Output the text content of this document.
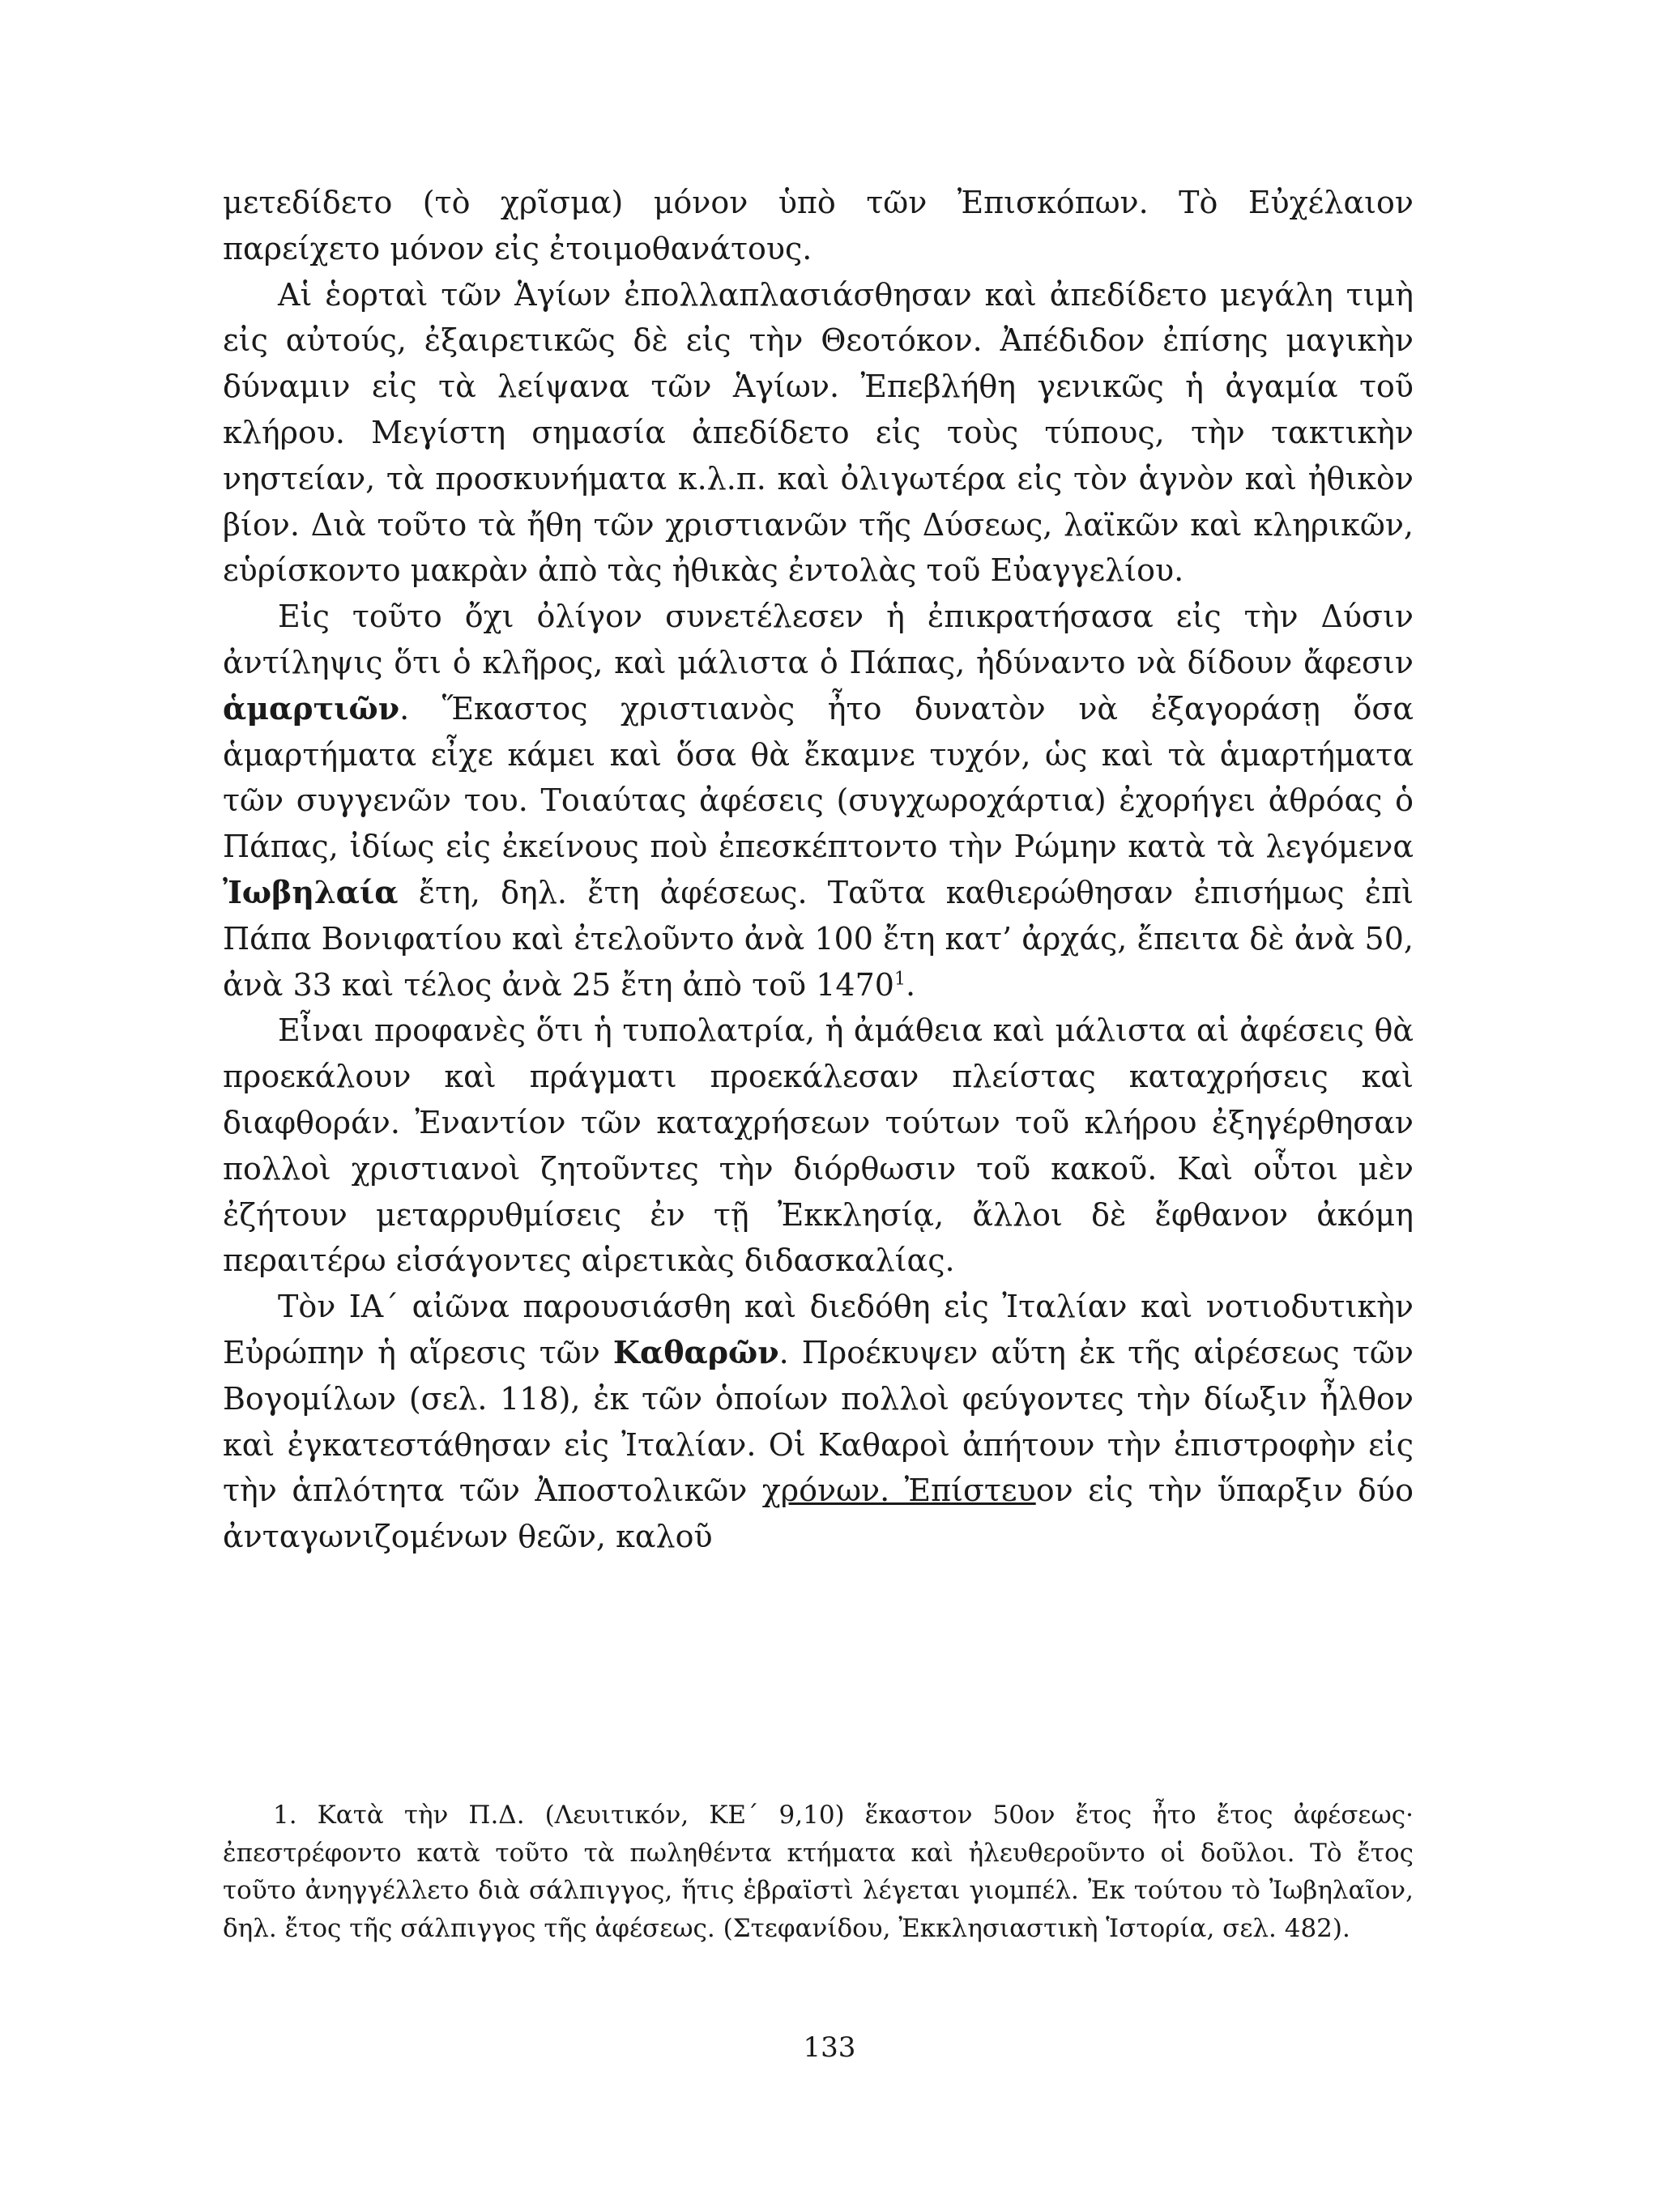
μετεδίδετο (τὸ χρῖσμα) μόνον ὑπὸ τῶν Ἐπισκόπων. Τὸ Εὐχέλαιον παρείχετο μόνον εἰς ἐτοιμοθανάτους.

Αἱ ἑορταὶ τῶν Ἁγίων ἐπολλαπλασιάσθησαν καὶ ἀπεδίδετο μεγάλη τιμὴ εἰς αὐτούς, ἐξαιρετικῶς δὲ εἰς τὴν Θεοτόκον. Ἀπέδιδον ἐπίσης μαγικὴν δύναμιν εἰς τὰ λείψανα τῶν Ἁγίων. Ἐπεβλήθη γενικῶς ἡ ἀγαμία τοῦ κλήρου. Μεγίστη σημασία ἀπεδίδετο εἰς τοὺς τύπους, τὴν τακτικὴν νηστείαν, τὰ προσκυνήματα κ.λ.π. καὶ ὀλιγωτέρα εἰς τὸν ἁγνὸν καὶ ἠθικὸν βίον. Διὰ τοῦτο τὰ ἤθη τῶν χριστιανῶν τῆς Δύσεως, λαϊκῶν καὶ κληρικῶν, εὑρίσκοντο μακρὰν ἀπὸ τὰς ἠθικὰς ἐντολὰς τοῦ Εὐαγγελίου.

Εἰς τοῦτο ὄχι ὀλίγον συνετέλεσεν ἡ ἐπικρατήσασα εἰς τὴν Δύσιν ἀντίληψις ὅτι ὁ κλῆρος, καὶ μάλιστα ὁ Πάπας, ἠδύναντο νὰ δίδουν ἄφεσιν ἁμαρτιῶν. Ἕκαστος χριστιανὸς ἦτο δυνατὸν νὰ ἐξαγοράσῃ ὅσα ἁμαρτήματα εἶχε κάμει καὶ ὅσα θὰ ἔκαμνε τυχόν, ὡς καὶ τὰ ἁμαρτήματα τῶν συγγενῶν του. Τοιαύτας ἀφέσεις (συγχωροχάρτια) ἐχορήγει ἀθρόας ὁ Πάπας, ἰδίως εἰς ἐκείνους ποὺ ἐπεσκέπτοντο τὴν Ρώμην κατὰ τὰ λεγόμενα Ἰωβηλαία ἔτη, δηλ. ἔτη ἀφέσεως. Ταῦτα καθιερώθησαν ἐπισήμως ἐπὶ Πάπα Βονιφατίου καὶ ἐτελοῦντο ἀνὰ 100 ἔτη κατ’ ἀρχάς, ἔπειτα δὲ ἀνὰ 50, ἀνὰ 33 καὶ τέλος ἀνὰ 25 ἔτη ἀπὸ τοῦ 1470$^1$.

Εἶναι προφανὲς ὅτι ἡ τυπολατρία, ἡ ἀμάθεια καὶ μάλιστα αἱ ἀφέσεις θὰ προεκάλουν καὶ πράγματι προεκάλεσαν πλείστας καταχρήσεις καὶ διαφθοράν. Ἐναντίον τῶν καταχρήσεων τούτων τοῦ κλήρου ἐξηγέρθησαν πολλοὶ χριστιανοὶ ζητοῦντες τὴν διόρθωσιν τοῦ κακοῦ. Καὶ οὗτοι μὲν ἐζήτουν μεταρρυθμίσεις ἐν τῇ Ἐκκλησίᾳ, ἄλλοι δὲ ἔφθανον ἀκόμη περαιτέρω εἰσάγοντες αἱρετικὰς διδασκαλίας.

Τὸν ΙΑ΄ αἰῶνα παρουσιάσθη καὶ διεδόθη εἰς Ἰταλίαν καὶ νοτιοδυτικὴν Εὐρώπην ἡ αἵρεσις τῶν Καθαρῶν. Προέκυψεν αὕτη ἐκ τῆς αἱρέσεως τῶν Βογομίλων (σελ. 118), ἐκ τῶν ὁποίων πολλοὶ φεύγοντες τὴν δίωξιν ἦλθον καὶ ἐγκατεστάθησαν εἰς Ἰταλίαν. Οἱ Καθαροὶ ἀπήτουν τὴν ἐπιστροφὴν εἰς τὴν ἁπλότητα τῶν Ἀποστολικῶν χρόνων. Ἐπίστευον εἰς τὴν ὕπαρξιν δύο ἀνταγωνιζομένων θεῶν, καλοῦ

1. Κατὰ τὴν Π.Δ. (Λευιτικόν, ΚΕ΄ 9,10) ἕκαστον 50ον ἔτος ἦτο ἔτος ἀφέσεως· ἐπεστρέφοντο κατὰ τοῦτο τὰ πωληθέντα κτήματα καὶ ἠλευθεροῦντο οἱ δοῦλοι. Τὸ ἔτος τοῦτο ἀνηγγέλλετο διὰ σάλπιγγος, ἥτις ἑβραϊστὶ λέγεται γιομπέλ. Ἐκ τούτου τὸ Ἰωβηλαῖον, δηλ. ἔτος τῆς σάλπιγγος τῆς ἀφέσεως. (Στεφανίδου, Ἐκκλησιαστικὴ Ἱστορία, σελ. 482).

133
